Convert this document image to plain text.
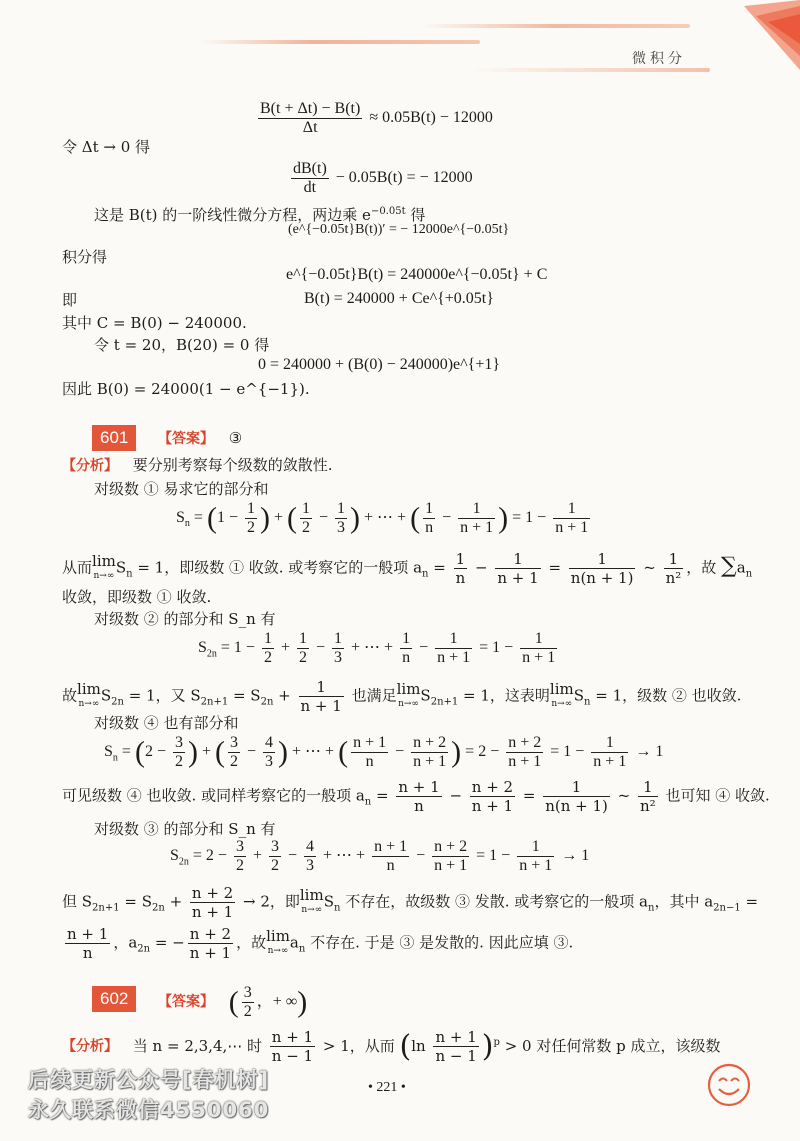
微积分
$\frac{B(t + \Delta t) - B(t)}{\Delta t} \approx 0.05B(t) - 12000$
令 Δt → 0 得
$\frac{dB(t)}{dt} - 0.05B(t)$ = − 12000
这是 B(t) 的一阶线性微分方程，两边乘 $e^{-0.05t}$ 得
(e^{−0.05t}B(t))′ = − 12000e^{−0.05t}
积分得
e^{−0.05t}B(t) = 240000e^{−0.05t} + C
即	B(t) = 240000 + Ce^{+0.05t}
其中 C = B(0) − 240000.
令 t = 20，B(20) = 0 得
0 = 240000 + (B(0) − 240000)e^{+1}
因此 B(0) = 24000(1 − e^{−1}).
601	【答案】 ③
【分析】 要分别考察每个级数的敛散性.
对级数 ① 易求它的部分和
$S_n = (1 - \frac{1}{2}$ ) + ( $\frac{1}{2} - \frac{1}{3}$ ) + ⋯ + ( $\frac{1}{n} - \frac{1}{n + 1}$ ) = $1 - \frac{1}{n + 1}$
从而lim
n→∞ $S_n = 1$，即级数 ① 收敛. 或考察它的一般项 $a_n = \frac{1}{n} - \frac{1}{n + 1} = \frac{1}{n(n + 1)}$ ~ $\frac{1}{\text{n²}}$ ，故 $\sum a_n$
收敛，即级数 ① 收敛.
对级数 ② 的部分和 S_n 有
$S_{2n} = 1 - \frac{1}{2} + \frac{1}{2} - \frac{1}{3}$ + ⋯ + $\frac{1}{n} - \frac{1}{n + 1} = 1 - \frac{1}{n + 1}$
故lim
n→∞ $S_{2n} = 1$，又 $S_{2n+1} = S_{2n} + \frac{1}{n + 1}$ 也满足lim
n→∞ $S_{2n+1} = 1$，这表明lim
n→∞ $S_n = 1$，级数 ② 也收敛.
对级数 ④ 也有部分和
$S_n = (2 - \frac{3}{2}$ ) + ( $\frac{3}{2} - \frac{4}{3}$ ) + ⋯ + ( $\frac{n + 1}{n} - \frac{n + 2}{n + 1}$ ) = $2 - \frac{n + 2}{n + 1} = 1 - \frac{1}{n + 1} \to 1$
可见级数 ④ 也收敛. 或同样考察它的一般项 $a_n = \frac{n + 1}{n} - \frac{n + 2}{n + 1} = \frac{1}{n(n + 1)}$ ~ $\frac{1}{\text{n²}}$ 也可知 ④ 收敛.
对级数 ③ 的部分和 S_n 有
$S_{2n} = 2 - \frac{3}{2} + \frac{3}{2} - \frac{4}{3}$ + ⋯ + $\frac{n + 1}{n} - \frac{n + 2}{n + 1} = 1 - \frac{1}{n + 1} \to 1$
但 $S_{2n+1} = S_{2n} + \frac{n + 2}{n + 1} \to 2$，即lim
n→∞ $S_n$ 不存在，故级数 ③ 发散. 或考察它的一般项 $a_n$，其中 $a_{2n-1}$ =
$\frac{n + 1}{n}$ ，$a_{2n}$ = − $\frac{n + 2}{n + 1}$ ，故lim
n→∞ $a_n$ 不存在. 于是 ③ 是发散的. 因此应填 ③.
602	【答案】 ( $\frac{3}{2}$ ，+ ∞)
【分析】 当 n = 2,3,4,⋯ 时 $\frac{n + 1}{n - 1} > 1$，从而 $(\ln \frac{n + 1}{n - 1} )^p > 0$ 对任何常数 p 成立，该级数
• 221 •
后续更新公众号[春机树]
永久联系微信4550060
